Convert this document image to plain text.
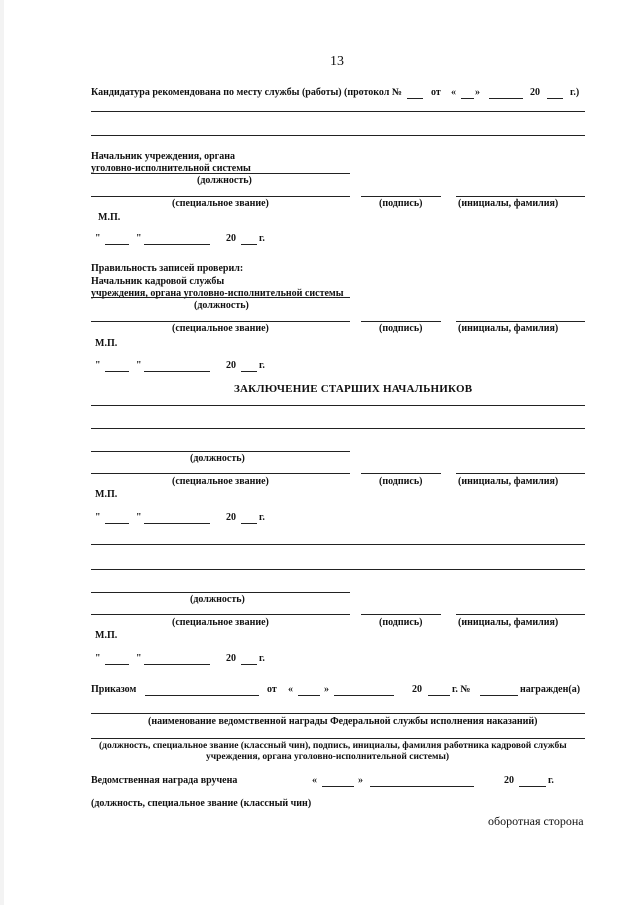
13
Кандидатура рекомендована по месту службы (работы) (протокол №	от « »	20	г.)
Начальник учреждения, органа
уголовно-исполнительной системы
(должность)
(специальное звание)	(подпись)	(инициалы, фамилия)
М.П.
"	"	20 г.
Правильность записей проверил:
Начальник кадровой службы
учреждения, органа уголовно-исполнительной системы
(должность)
(специальное звание)	(подпись)	(инициалы, фамилия)
М.П.
"	"	20 г.
ЗАКЛЮЧЕНИЕ СТАРШИХ НАЧАЛЬНИКОВ
(должность)
(специальное звание)	(подпись)	(инициалы, фамилия)
М.П.
"	"	20 г.
(должность)
(специальное звание)	(подпись)	(инициалы, фамилия)
М.П.
"	"	20 г.
Приказом	от «	»	20	г. №	награжден(а)
(наименование ведомственной награды Федеральной службы исполнения наказаний)
(должность, специальное звание (классный чин), подпись, инициалы, фамилия работника кадровой службы
учреждения, органа уголовно-исполнительной системы)
Ведомственная награда вручена	«	»	20	г.
(должность, специальное звание (классный чин)
оборотная сторона
